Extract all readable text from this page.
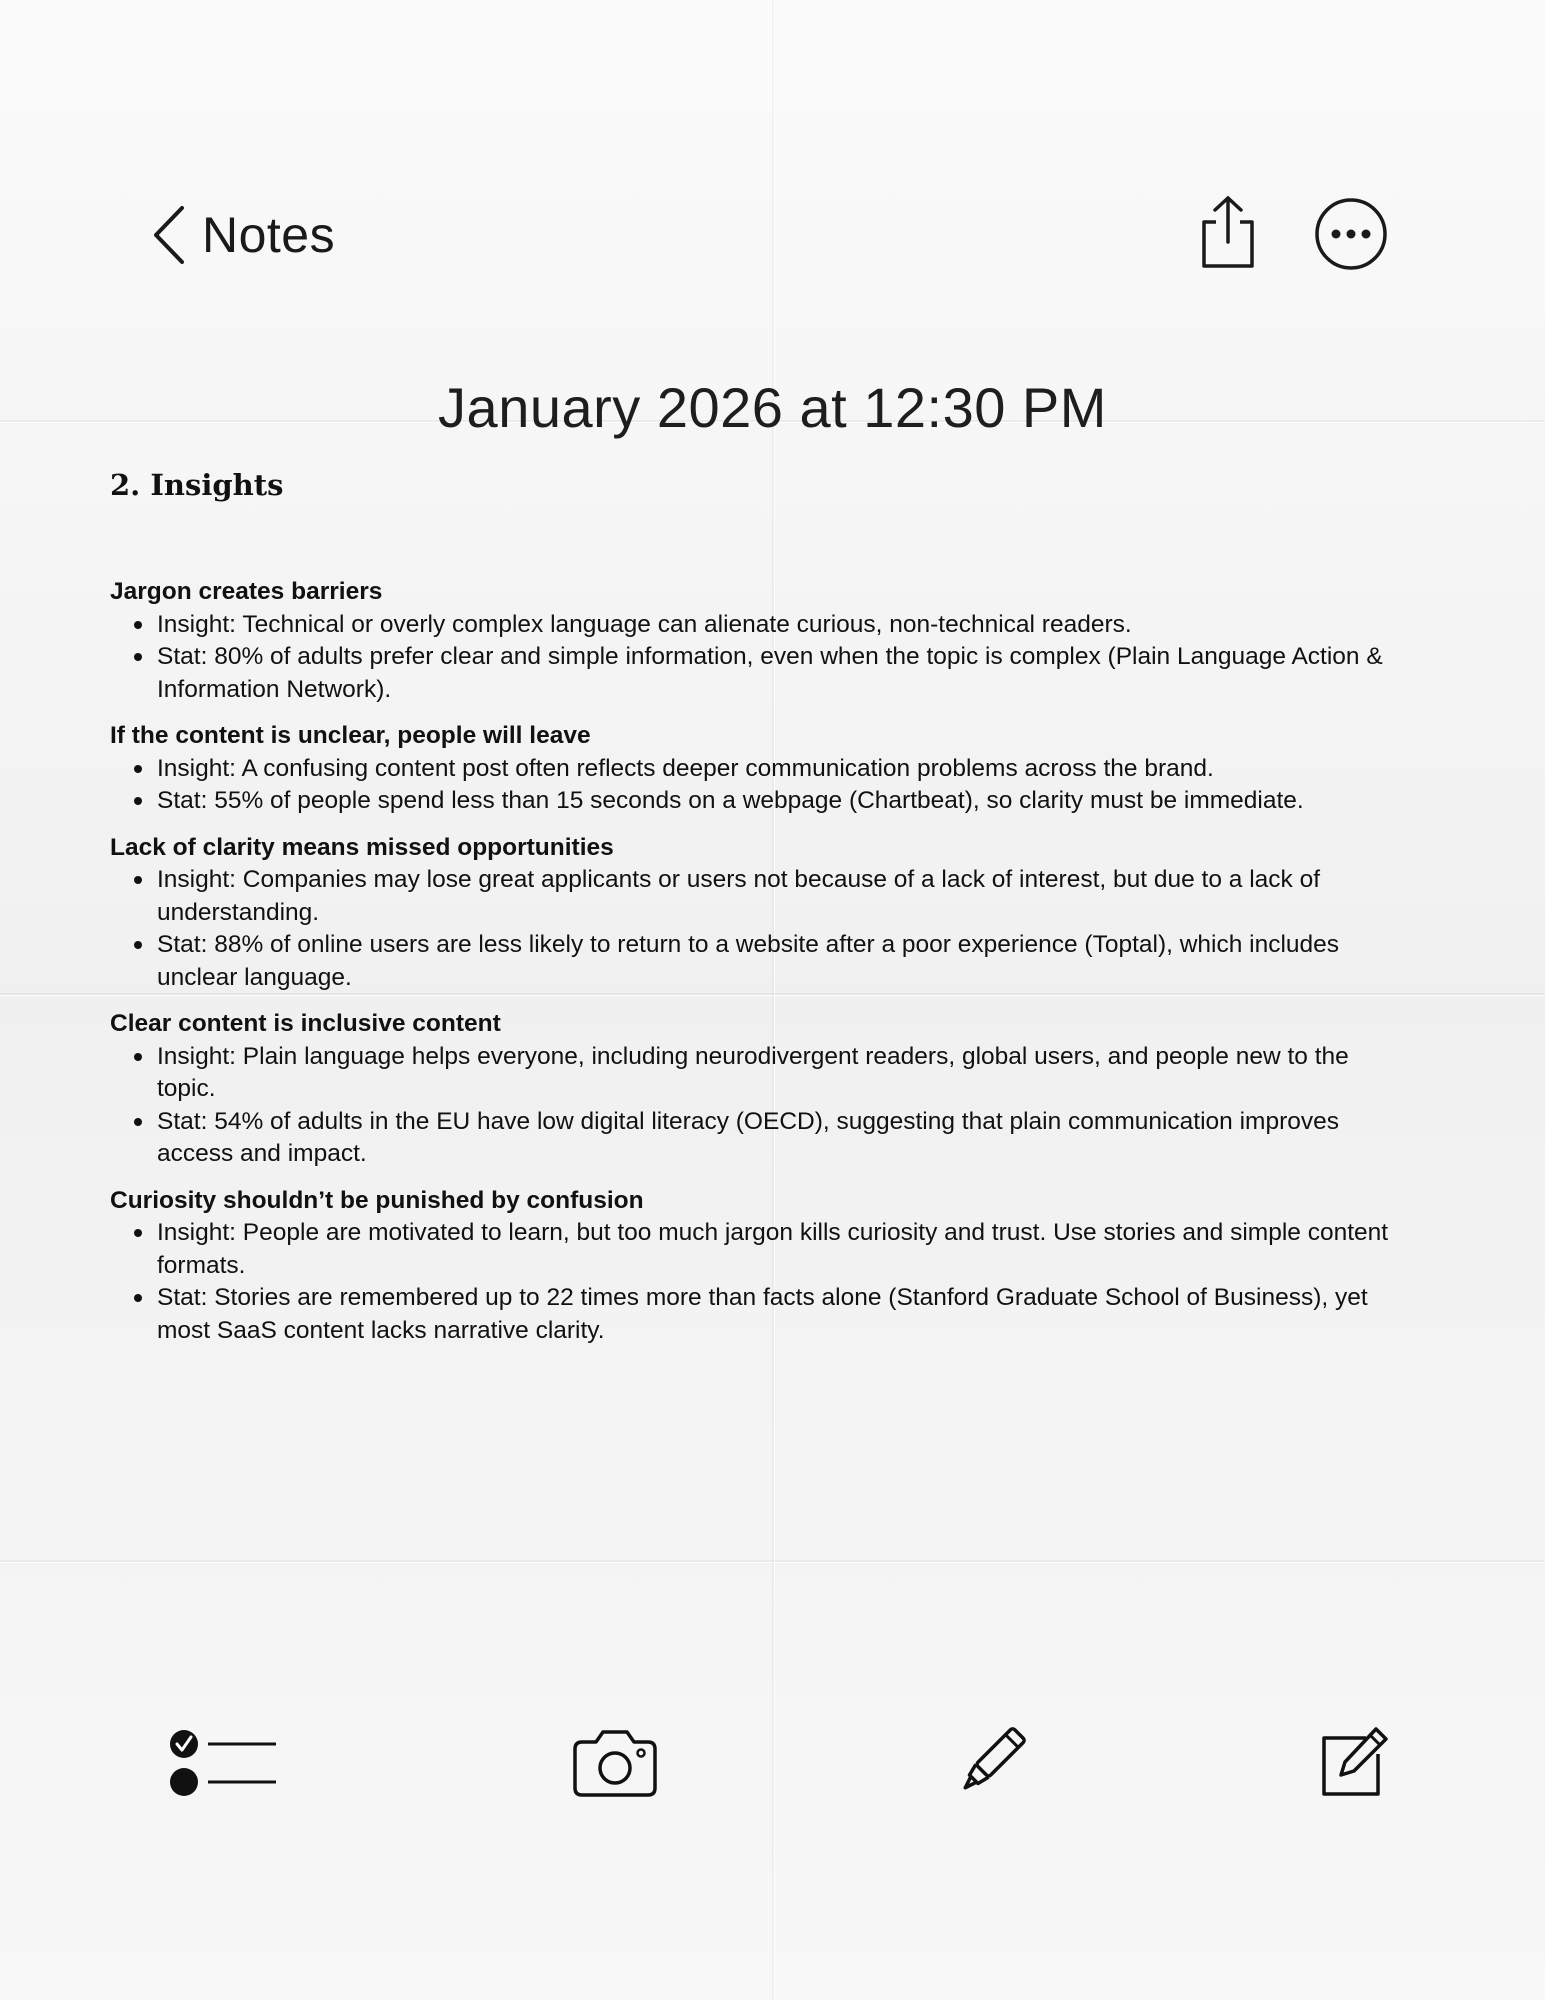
Notes
January 2026 at 12:30 PM
2. Insights
Jargon creates barriers
Insight: Technical or overly complex language can alienate curious, non-technical readers.
Stat: 80% of adults prefer clear and simple information, even when the topic is complex (Plain Language Action & Information Network).
If the content is unclear, people will leave
Insight: A confusing content post often reflects deeper communication problems across the brand.
Stat: 55% of people spend less than 15 seconds on a webpage (Chartbeat), so clarity must be immediate.
Lack of clarity means missed opportunities
Insight: Companies may lose great applicants or users not because of a lack of interest, but due to a lack of understanding.
Stat: 88% of online users are less likely to return to a website after a poor experience (Toptal), which includes unclear language.
Clear content is inclusive content
Insight: Plain language helps everyone, including neurodivergent readers, global users, and people new to the topic.
Stat: 54% of adults in the EU have low digital literacy (OECD), suggesting that plain communication improves access and impact.
Curiosity shouldn’t be punished by confusion
Insight: People are motivated to learn, but too much jargon kills curiosity and trust. Use stories and simple content formats.
Stat: Stories are remembered up to 22 times more than facts alone (Stanford Graduate School of Business), yet most SaaS content lacks narrative clarity.
